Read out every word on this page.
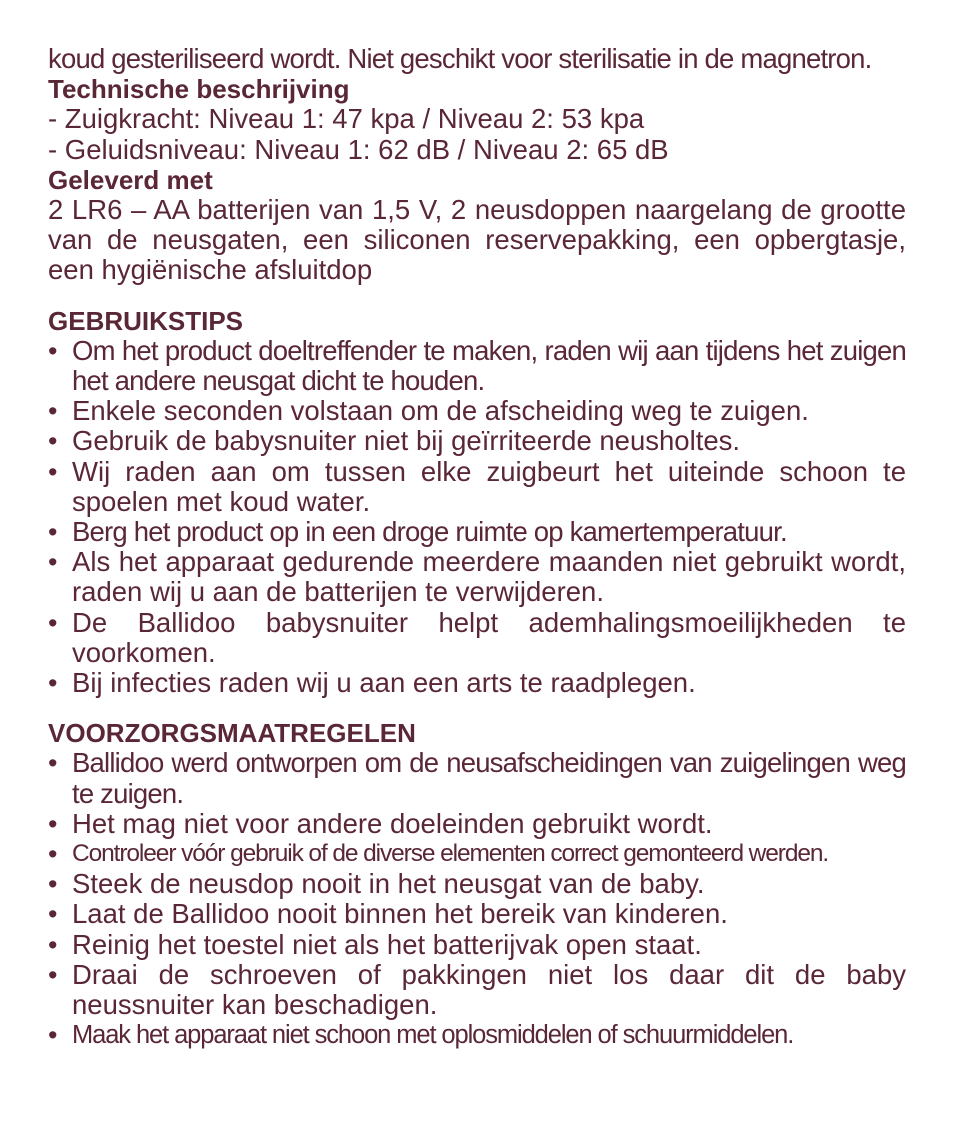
koud gesteriliseerd wordt. Niet geschikt voor sterilisatie in de magnetron.
Technische beschrijving
- Zuigkracht: Niveau 1: 47 kpa / Niveau 2: 53 kpa
- Geluidsniveau: Niveau 1: 62 dB / Niveau 2: 65 dB
Geleverd met
2 LR6 – AA batterijen van 1,5 V, 2 neusdoppen naargelang de grootte van de neusgaten, een siliconen reservepakking, een opbergtasje, een hygiënische afsluitdop
GEBRUIKSTIPS
• Om het product doeltreffender te maken, raden wij aan tijdens het zuigen het andere neusgat dicht te houden.
• Enkele seconden volstaan om de afscheiding weg te zuigen.
• Gebruik de babysnuiter niet bij geïrriteerde neusholtes.
• Wij raden aan om tussen elke zuigbeurt het uiteinde schoon te spoelen met koud water.
• Berg het product op in een droge ruimte op kamertemperatuur.
• Als het apparaat gedurende meerdere maanden niet gebruikt wordt, raden wij u aan de batterijen te verwijderen.
• De Ballidoo babysnuiter helpt ademhalingsmoeilijkheden te voorkomen.
• Bij infecties raden wij u aan een arts te raadplegen.
VOORZORGSMAATREGELEN
• Ballidoo werd ontworpen om de neusafscheidingen van zuigelingen weg te zuigen.
• Het mag niet voor andere doeleinden gebruikt wordt.
• Controleer vóór gebruik of de diverse elementen correct gemonteerd werden.
• Steek de neusdop nooit in het neusgat van de baby.
• Laat de Ballidoo nooit binnen het bereik van kinderen.
• Reinig het toestel niet als het batterijvak open staat.
• Draai de schroeven of pakkingen niet los daar dit de baby neussnuiter kan beschadigen.
• Maak het apparaat niet schoon met oplosmiddelen of schuurmiddelen.
